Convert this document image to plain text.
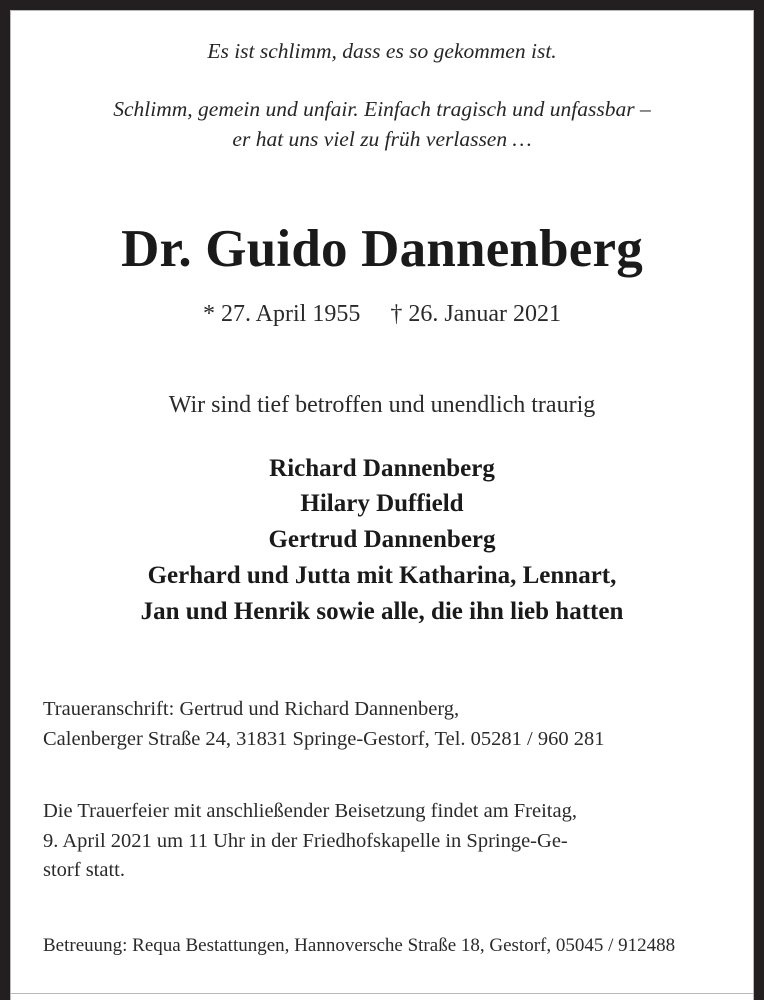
Es ist schlimm, dass es so gekommen ist.
Schlimm, gemein und unfair. Einfach tragisch und unfassbar –
er hat uns viel zu früh verlassen …
Dr. Guido Dannenberg
* 27. April 1955     † 26. Januar 2021
Wir sind tief betroffen und unendlich traurig
Richard Dannenberg
Hilary Duffield
Gertrud Dannenberg
Gerhard und Jutta mit Katharina, Lennart,
Jan und Henrik sowie alle, die ihn lieb hatten
Traueranschrift: Gertrud und Richard Dannenberg,
Calenberger Straße 24, 31831 Springe-Gestorf, Tel. 05281 / 960 281
Die Trauerfeier mit anschließender Beisetzung findet am Freitag,
9. April 2021 um 11 Uhr in der Friedhofskapelle in Springe-Ge-
storf statt.
Betreuung: Requa Bestattungen, Hannoversche Straße 18, Gestorf, 05045 / 912488
